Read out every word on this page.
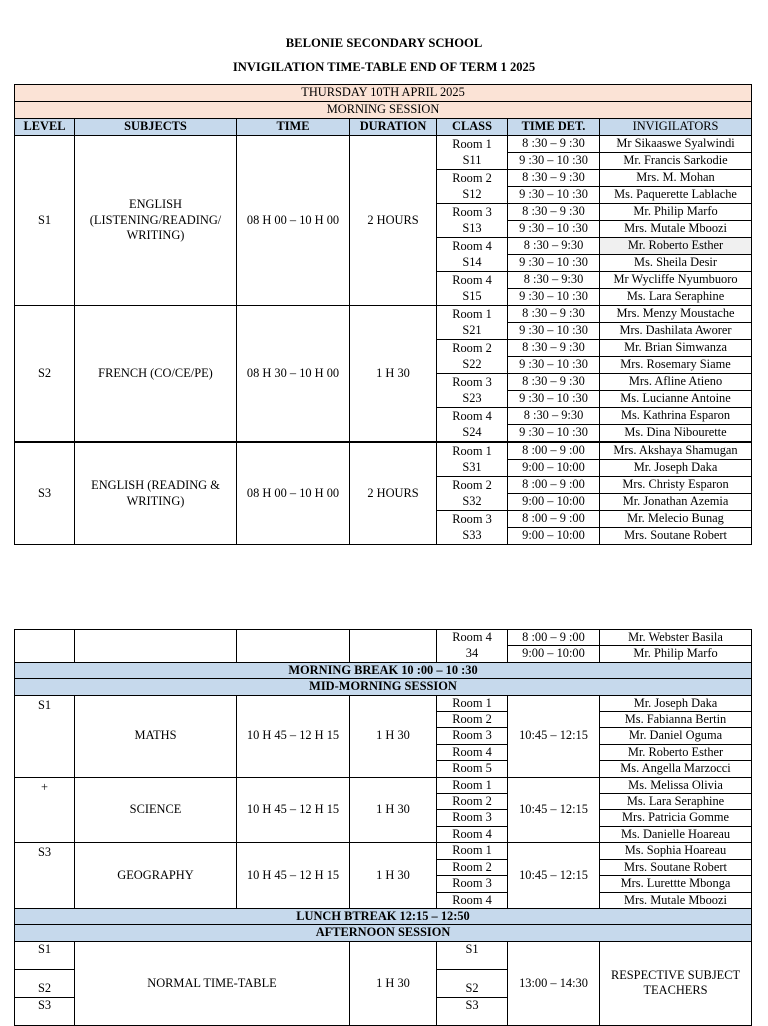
BELONIE SECONDARY SCHOOL
INVIGILATION TIME-TABLE END OF TERM 1 2025
THURSDAY 10TH APRIL 2025						
MORNING SESSION						
LEVEL	SUBJECTS	TIME	DURATION	CLASS	TIME DET.	INVIGILATORS
S1	ENGLISH (LISTENING/READING/ WRITING)	08 H 00 – 10 H 00	2 HOURS	Room 1	8 :30 – 9 :30	Mr Sikaaswe Syalwindi
				S11	9 :30 – 10 :30	Mr. Francis Sarkodie
				Room 2	8 :30 – 9 :30	Mrs. M. Mohan
				S12	9 :30 – 10 :30	Ms. Paquerette Lablache
				Room 3	8 :30 – 9 :30	Mr. Philip Marfo
				S13	9 :30 – 10 :30	Mrs. Mutale Mboozi
				Room 4	8 :30 – 9:30	Mr. Roberto Esther
				S14	9 :30 – 10 :30	Ms. Sheila Desir
				Room 4	8 :30 – 9:30	Mr Wycliffe Nyumbuoro
				S15	9 :30 – 10 :30	Ms. Lara Seraphine
S2	FRENCH (CO/CE/PE)	08 H 30 – 10 H 00	1 H 30	Room 1	8 :30 – 9 :30	Mrs. Menzy Moustache
				S21	9 :30 – 10 :30	Mrs. Dashilata Aworer
				Room 2	8 :30 – 9 :30	Mr. Brian Simwanza
				S22	9 :30 – 10 :30	Mrs. Rosemary Siame
				Room 3	8 :30 – 9 :30	Mrs. Afline Atieno
				S23	9 :30 – 10 :30	Ms. Lucianne Antoine
				Room 4	8 :30 – 9:30	Ms. Kathrina Esparon
				S24	9 :30 – 10 :30	Ms. Dina Nibourette
S3	ENGLISH (READING & WRITING)	08 H 00 – 10 H 00	2 HOURS	Room 1	8 :00 – 9 :00	Mrs. Akshaya Shamugan
				S31	9:00 – 10:00	Mr. Joseph Daka
				Room 2	8 :00 – 9 :00	Mrs. Christy Esparon
				S32	9:00 – 10:00	Mr. Jonathan Azemia
				Room 3	8 :00 – 9 :00	Mr. Melecio Bunag
				S33	9:00 – 10:00	Mrs. Soutane Robert
				Room 4	8 :00 – 9 :00	Mr. Webster Basila
				34	9:00 – 10:00	Mr. Philip Marfo
MORNING BREAK 10 :00 – 10 :30						
MID-MORNING SESSION						
S1	MATHS	10 H 45 – 12 H 15	1 H 30	Room 1	10:45 – 12:15	Mr. Joseph Daka
				Room 2		Ms. Fabianna Bertin
				Room 3		Mr. Daniel Oguma
				Room 4		Mr. Roberto Esther
				Room 5		Ms. Angella Marzocci
+	SCIENCE	10 H 45 – 12 H 15	1 H 30	Room 1	10:45 – 12:15	Ms. Melissa Olivia
				Room 2		Ms. Lara Seraphine
				Room 3		Mrs. Patricia Gomme
				Room 4		Ms. Danielle Hoareau
S3	GEOGRAPHY	10 H 45 – 12 H 15	1 H 30	Room 1	10:45 – 12:15	Ms. Sophia Hoareau
				Room 2		Mrs. Soutane Robert
				Room 3		Mrs. Lurettte Mbonga
				Room 4		Mrs. Mutale Mboozi
LUNCH BTREAK 12:15 – 12:50						
AFTERNOON SESSION						
S1	NORMAL TIME-TABLE		1 H 30	S1	13:00 – 14:30	RESPECTIVE SUBJECT TEACHERS

S2				S2		

S3				S3		
